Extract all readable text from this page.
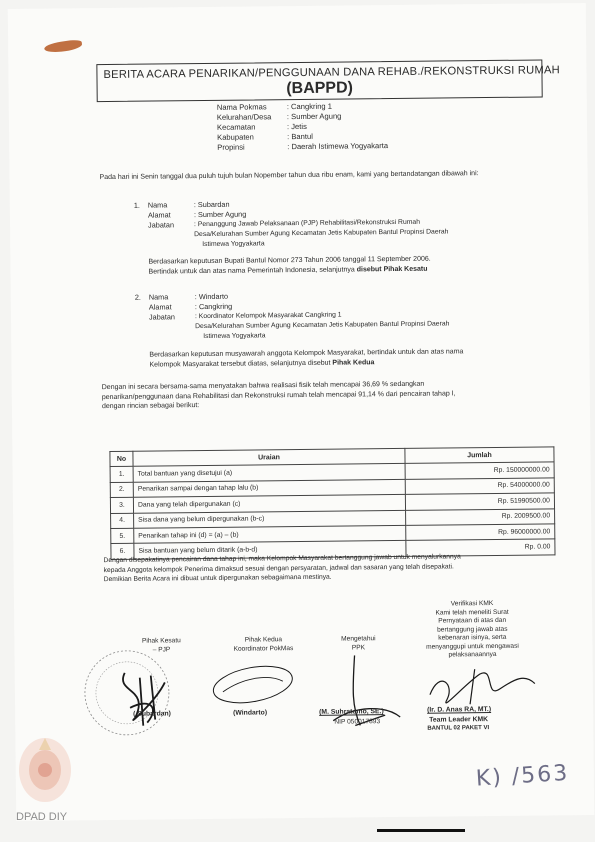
BERITA ACARA PENARIKAN/PENGGUNAAN DANA REHAB./REKONSTRUKSI RUMAH
(BAPPD)
Nama Pokmas	: Cangkring 1
Kelurahan/Desa	: Sumber Agung
Kecamatan	: Jetis
Kabupaten	: Bantul
Propinsi	: Daerah Istimewa Yogyakarta
Pada hari ini Senin tanggal dua puluh tujuh bulan Nopember tahun dua ribu enam, kami yang bertandatangan dibawah ini:
1.	Nama	: Subardan
Alamat	: Sumber Agung
Jabatan	: Penanggung Jawab Pelaksanaan (PJP) Rehabilitasi/Rekonstruksi Rumah
Desa/Kelurahan Sumber Agung Kecamatan Jetis Kabupaten Bantul Propinsi Daerah
Istimewa Yogyakarta
Berdasarkan keputusan Bupati Bantul Nomor 273 Tahun 2006 tanggal 11 September 2006.
Bertindak untuk dan atas nama Pemerintah Indonesia, selanjutnya disebut Pihak Kesatu
2.	Nama	: Windarto
Alamat	: Cangkring
Jabatan	: Koordinator Kelompok Masyarakat Cangkring 1
Desa/Kelurahan Sumber Agung Kecamatan Jetis Kabupaten Bantul Propinsi Daerah
Istimewa Yogyakarta
Berdasarkan keputusan musyawarah anggota Kelompok Masyarakat, bertindak untuk dan atas nama
Kelompok Masyarakat tersebut diatas, selanjutnya disebut Pihak Kedua
Dengan ini secara bersama-sama menyatakan bahwa realisasi fisik telah mencapai 36,69 % sedangkan
penarikan/penggunaan dana Rehabilitasi dan Rekonstruksi rumah telah mencapai 91,14 % dari pencairan tahap I,
dengan rincian sebagai berikut:
No	Uraian	Jumlah
1.	Total bantuan yang disetujui (a)	Rp. 150000000.00
2.	Penarikan sampai dengan tahap lalu (b)	Rp. 54000000.00
3.	Dana yang telah dipergunakan (c)	Rp. 51990500.00
4.	Sisa dana yang belum dipergunakan (b-c)	Rp. 2009500.00
5.	Penarikan tahap ini (d) = (a) – (b)	Rp. 96000000.00
6.	Sisa bantuan yang belum ditarik (a-b-d)	Rp. 0.00
Dengan disepakatinya pencairan dana tahap ini, maka Kelompok Masyarakat bertanggung jawab untuk menyalurkannya
kepada Anggota kelompok Penerima dimaksud sesuai dengan persyaratan, jadwal dan sasaran yang telah disepakati.
Demikian Berita Acara ini dibuat untuk dipergunakan sebagaimana mestinya.
Verifikasi KMK
Kami telah meneliti Surat
Pernyataan di atas dan
bertanggung jawab atas
kebenaran isinya, serta
menyanggupi untuk mengawasi
pelaksanaannya
Pihak Kesatu
– PJP
Pihak Kedua
Koordinator PokMas
Mengetahui
PPK
( Subardan)	(Windarto)	(M. Suhratomo, SE.)
NIP 050017893
(Ir. D. Anas RA, MT.)
Team Leader KMK
BANTUL 02 PAKET VI
K) /563
DPAD DIY
